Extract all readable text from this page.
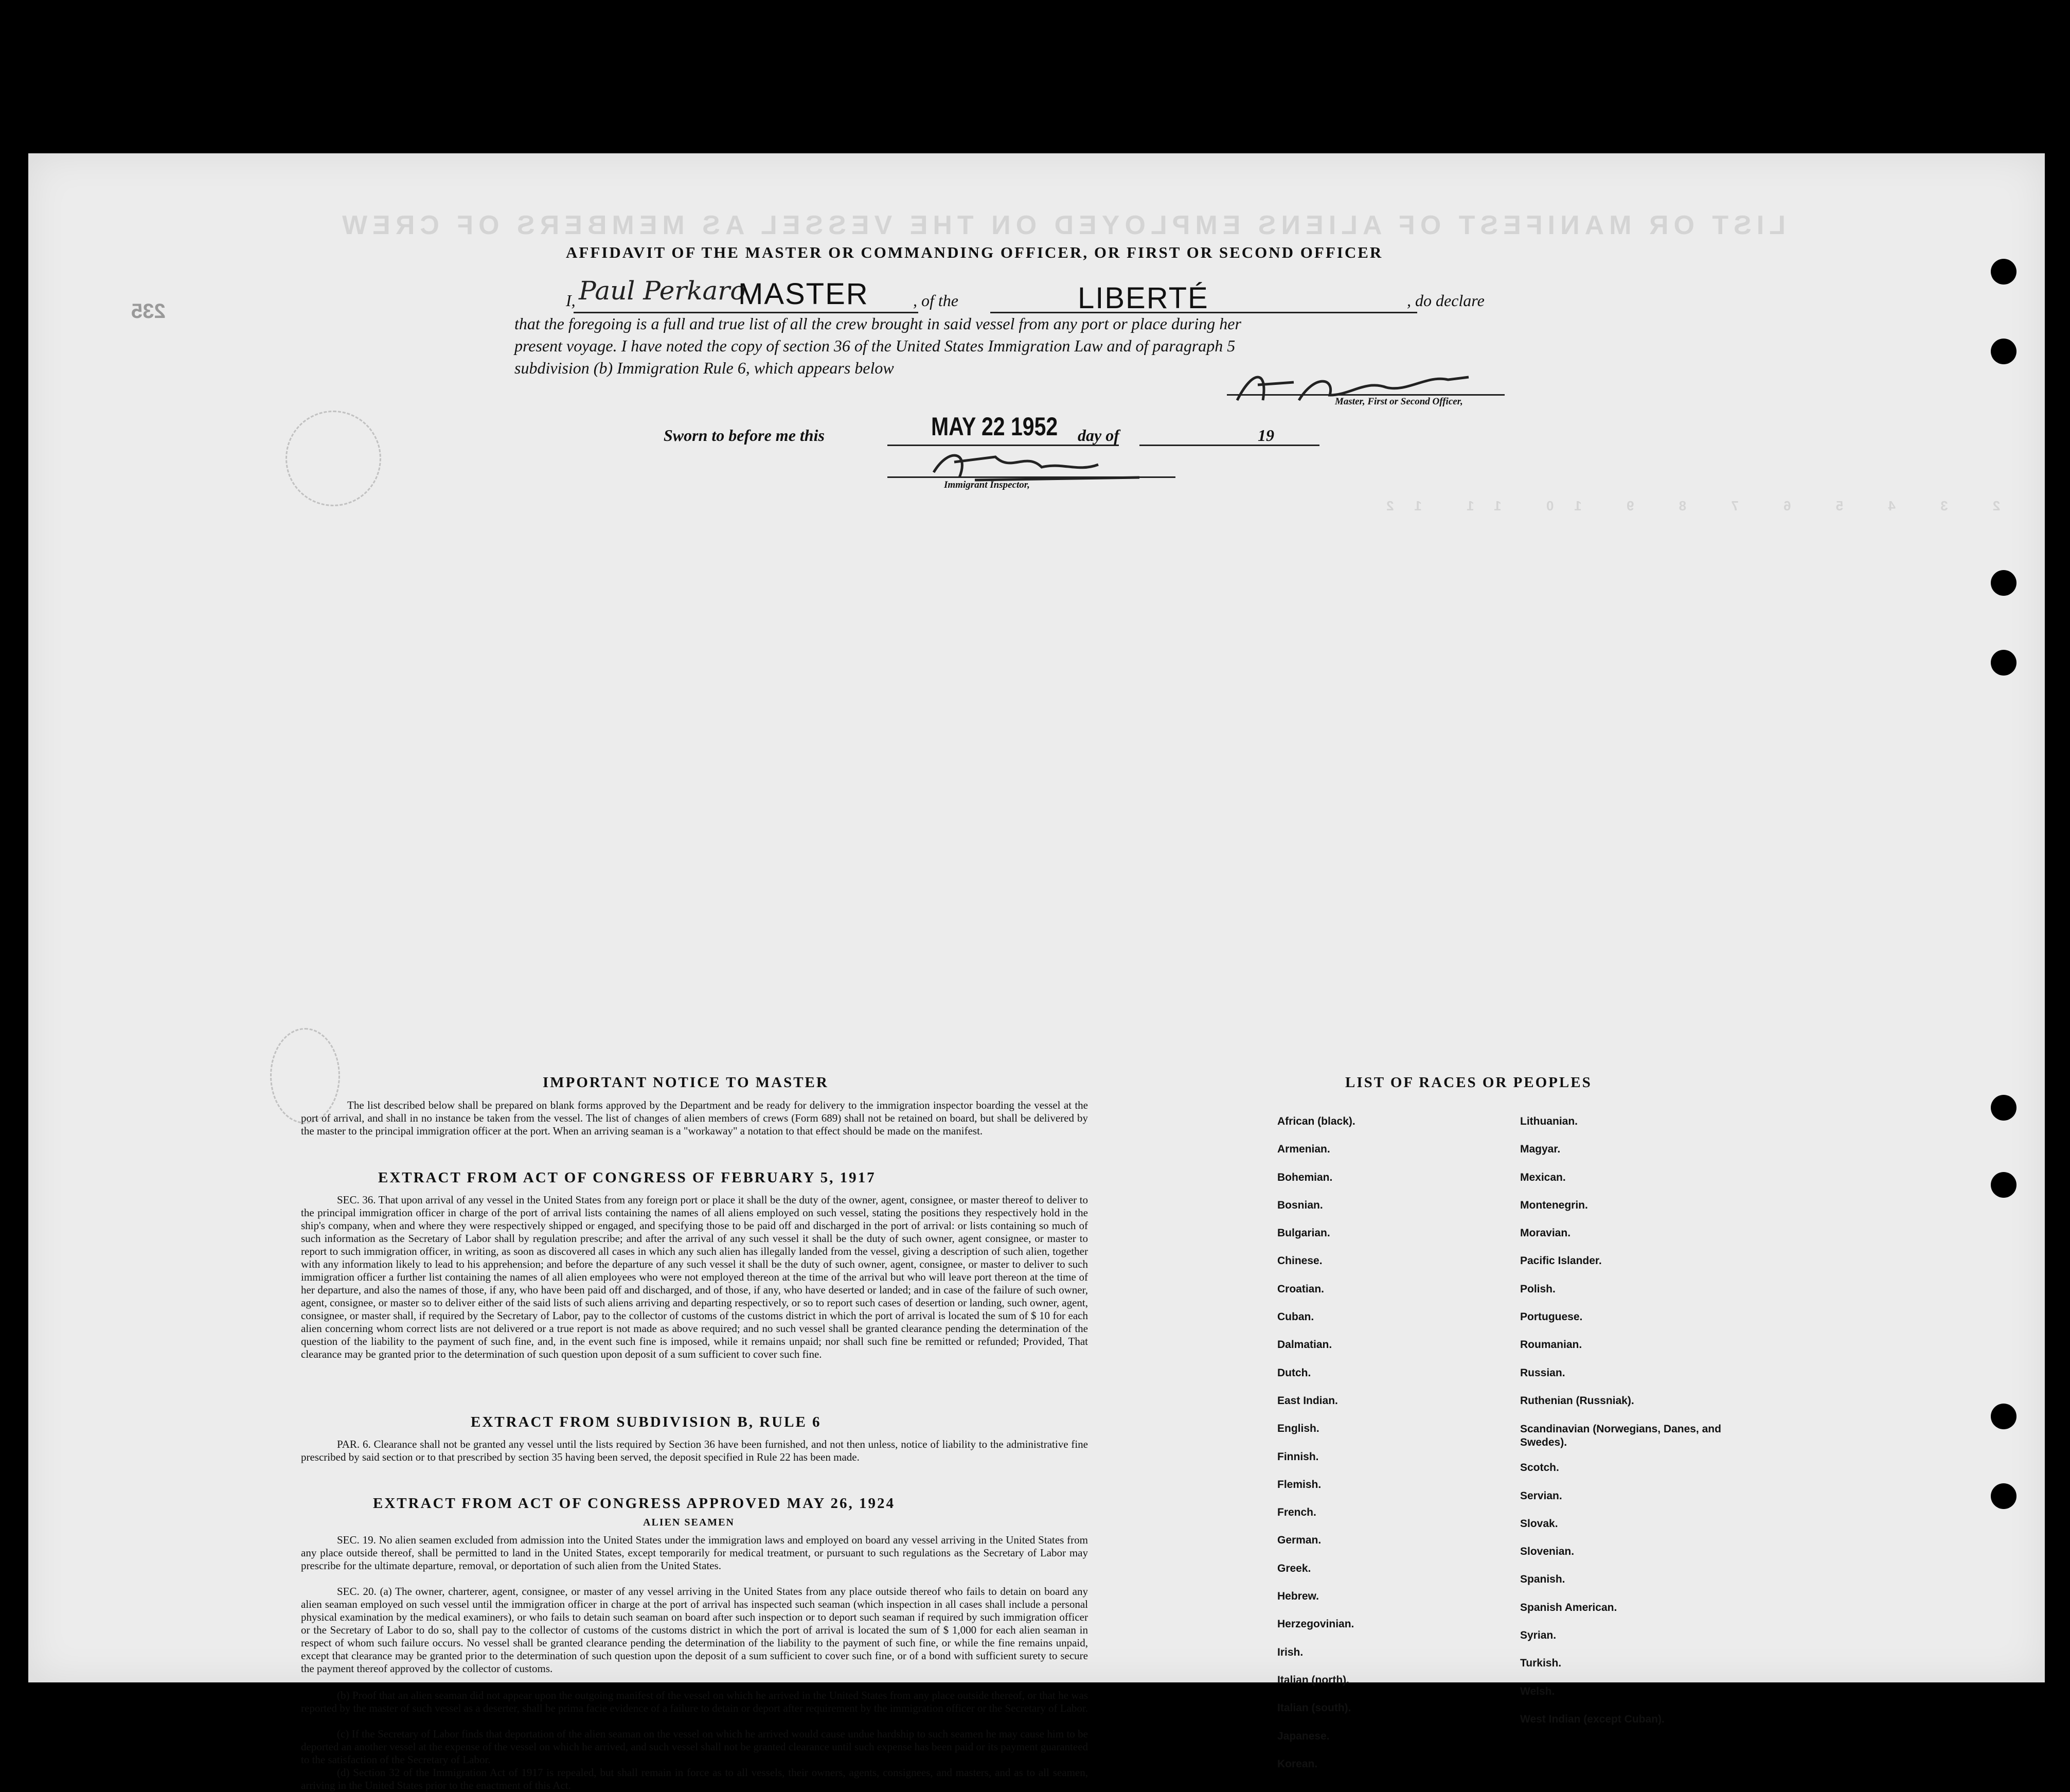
LIST OR MANIFEST OF ALIENS EMPLOYED ON THE VESSEL AS MEMBERS OF CREW
1 2 3 4 5 6 7 8 9 10 11 12
235
AFFIDAVIT OF THE MASTER OR COMMANDING OFFICER, OR FIRST OR SECOND OFFICER
I, Paul Perkaro
MASTER	, of the	LIBERTÉ	, do declare
that the foregoing is a full and true list of all the crew brought in said vessel from any port or place during her
present voyage. I have noted the copy of section 36 of the United States Immigration Law and of paragraph 5
subdivision (b) Immigration Rule 6, which appears below
Master, First or Second Officer,
Sworn to before me this	MAY 22 1952 day of	19
Immigrant Inspector,
IMPORTANT NOTICE TO MASTER
The list described below shall be prepared on blank forms approved by the Department and be ready for delivery to the immigration inspector boarding the vessel at the port of arrival, and shall in no instance be taken from the vessel. The list of changes of alien members of crews (Form 689) shall not be retained on board, but shall be delivered by the master to the principal immigration officer at the port. When an arriving seaman is a "workaway" a notation to that effect should be made on the manifest.
EXTRACT FROM ACT OF CONGRESS OF FEBRUARY 5, 1917
SEC. 36. That upon arrival of any vessel in the United States from any foreign port or place it shall be the duty of the owner, agent, consignee, or master thereof to deliver to the principal immigration officer in charge of the port of arrival lists containing the names of all aliens employed on such vessel, stating the positions they respectively hold in the ship's company, when and where they were respectively shipped or engaged, and specifying those to be paid off and discharged in the port of arrival: or lists containing so much of such information as the Secretary of Labor shall by regulation prescribe; and after the arrival of any such vessel it shall be the duty of such owner, agent consignee, or master to report to such immigration officer, in writing, as soon as discovered all cases in which any such alien has illegally landed from the vessel, giving a description of such alien, together with any information likely to lead to his apprehension; and before the departure of any such vessel it shall be the duty of such owner, agent, consignee, or master to deliver to such immigration officer a further list containing the names of all alien employees who were not employed thereon at the time of the arrival but who will leave port thereon at the time of her departure, and also the names of those, if any, who have been paid off and discharged, and of those, if any, who have deserted or landed; and in case of the failure of such owner, agent, consignee, or master so to deliver either of the said lists of such aliens arriving and departing respectively, or so to report such cases of desertion or landing, such owner, agent, consignee, or master shall, if required by the Secretary of Labor, pay to the collector of customs of the customs district in which the port of arrival is located the sum of $ 10 for each alien concerning whom correct lists are not delivered or a true report is not made as above required; and no such vessel shall be granted clearance pending the determination of the question of the liability to the payment of such fine, and, in the event such fine is imposed, while it remains unpaid; nor shall such fine be remitted or refunded; Provided, That clearance may be granted prior to the determination of such question upon deposit of a sum sufficient to cover such fine.
EXTRACT FROM SUBDIVISION B, RULE 6
PAR. 6. Clearance shall not be granted any vessel until the lists required by Section 36 have been furnished, and not then unless, notice of liability to the administrative fine prescribed by said section or to that prescribed by section 35 having been served, the deposit specified in Rule 22 has been made.
EXTRACT FROM ACT OF CONGRESS APPROVED MAY 26, 1924
ALIEN SEAMEN
SEC. 19. No alien seamen excluded from admission into the United States under the immigration laws and employed on board any vessel arriving in the United States from any place outside thereof, shall be permitted to land in the United States, except temporarily for medical treatment, or pursuant to such regulations as the Secretary of Labor may prescribe for the ultimate departure, removal, or deportation of such alien from the United States.
SEC. 20. (a) The owner, charterer, agent, consignee, or master of any vessel arriving in the United States from any place outside thereof who fails to detain on board any alien seaman employed on such vessel until the immigration officer in charge at the port of arrival has inspected such seaman (which inspection in all cases shall include a personal physical examination by the medical examiners), or who fails to detain such seaman on board after such inspection or to deport such seaman if required by such immigration officer or the Secretary of Labor to do so, shall pay to the collector of customs of the customs district in which the port of arrival is located the sum of $ 1,000 for each alien seaman in respect of whom such failure occurs. No vessel shall be granted clearance pending the determination of the liability to the payment of such fine, or while the fine remains unpaid, except that clearance may be granted prior to the determination of such question upon the deposit of a sum sufficient to cover such fine, or of a bond with sufficient surety to secure the payment thereof approved by the collector of customs.
(b) Proof that an alien seaman did not appear upon the outgoing manifest of the vessel on which he arrived in the United States from any place outside thereof, or that he was reported by the master of such vessel as a deserter, shall be prima facie evidence of a failure to detain or deport after requirement by the immigration officer or the Secretary of Labor.
(c) If the Secretary of Labor finds that deportation of the alien seaman on the vessel on which he arrived would cause undue hardship to such seamen he may cause him to be deported an another vessel at the expense of the vessel on which he arrived, and such vessel shall not be granted clearance until such expense has been paid or its payment guaranteed to the satisfaction of the Secretary of Labor.
(d) Section 32 of the Immigration Act of 1917 is repealed, but shall remain in force as to all vessels, their owners, agents, consignees, and masters, and as to all seamen, arriving in the United States prior to the enactment of this Act.
LIST OF RACES OR PEOPLES
African (black).
Armenian.
Bohemian.
Bosnian.
Bulgarian.
Chinese.
Croatian.
Cuban.
Dalmatian.
Dutch.
East Indian.
English.
Finnish.
Flemish.
French.
German.
Greek.
Hebrew.
Herzegovinian.
Irish.
Italian (north).
Italian (south).
Japanese.
Korean.
Lithuanian.
Magyar.
Mexican.
Montenegrin.
Moravian.
Pacific Islander.
Polish.
Portuguese.
Roumanian.
Russian.
Ruthenian (Russniak).
Scandinavian (Norwegians, Danes, and Swedes).
Scotch.
Servian.
Slovak.
Slovenian.
Spanish.
Spanish American.
Syrian.
Turkish.
Welsh.
West Indian (except Cuban).
